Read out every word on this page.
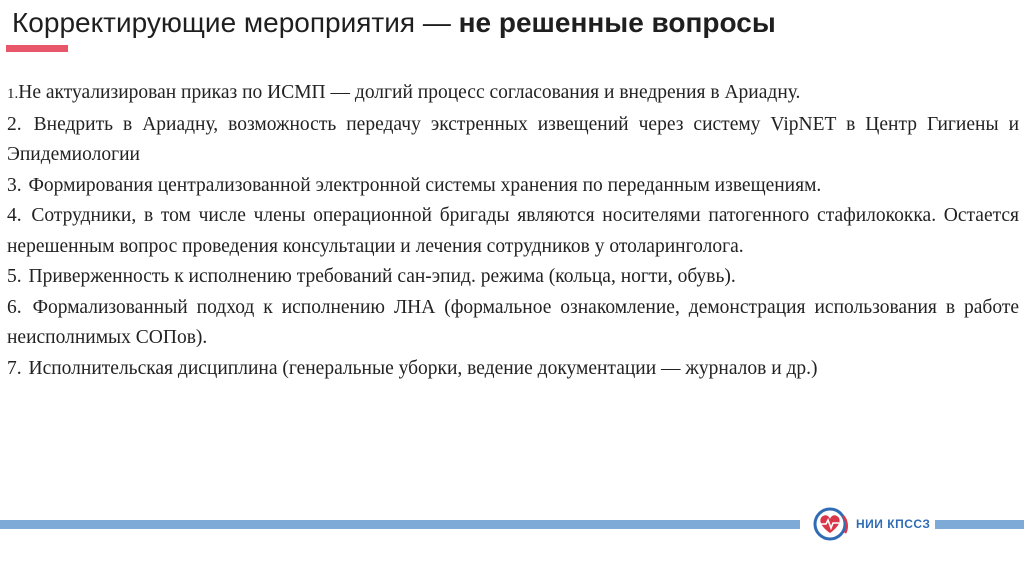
Корректирующие мероприятия — не решенные вопросы
1.Не актуализирован приказ по ИСМП — долгий процесс согласования и внедрения в Ариадну.
2. Внедрить в Ариадну, возможность передачу экстренных извещений через систему VipNET в Центр Гигиены и Эпидемиологии
3. Формирования централизованной электронной системы хранения по переданным извещениям.
4. Сотрудники, в том числе члены операционной бригады являются носителями патогенного стафилококка. Остается нерешенным вопрос проведения консультации и лечения сотрудников у отоларинголога.
5. Приверженность к исполнению требований сан-эпид. режима (кольца, ногти, обувь).
6. Формализованный подход к исполнению ЛНА (формальное ознакомление, демонстрация использования в работе неисполнимых СОПов).
7. Исполнительская дисциплина (генеральные уборки, ведение документации — журналов и др.)
НИИ КПССЗ
